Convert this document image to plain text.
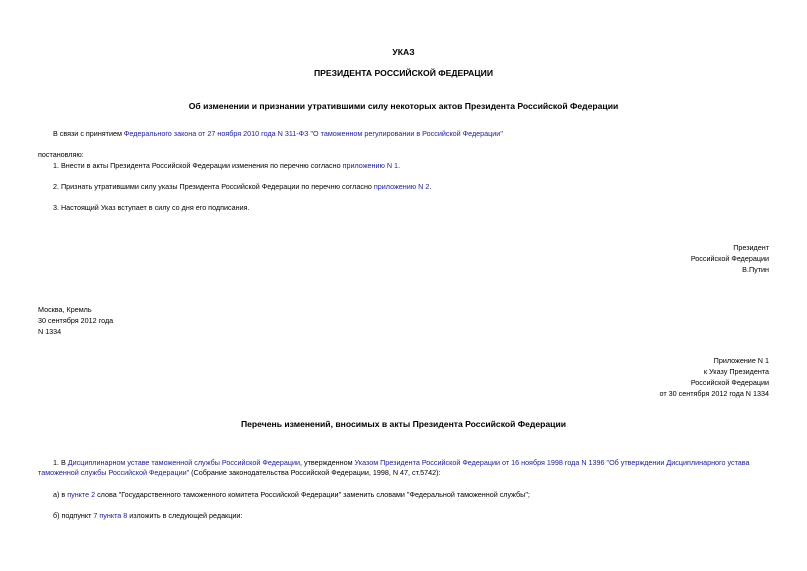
УКАЗ
ПРЕЗИДЕНТА РОССИЙСКОЙ ФЕДЕРАЦИИ
Об изменении и признании утратившими силу некоторых актов Президента Российской Федерации
В связи с принятием Федерального закона от 27 ноября 2010 года N 311-ФЗ "О таможенном регулировании в Российской Федерации"
постановляю:
1. Внести в акты Президента Российской Федерации изменения по перечню согласно приложению N 1.
2. Признать утратившими силу указы Президента Российской Федерации по перечню согласно приложению N 2.
3. Настоящий Указ вступает в силу со дня его подписания.
Президент
Российской Федерации
В.Путин
Москва, Кремль
30 сентября 2012 года
N 1334
Приложение N 1
к Указу Президента
Российской Федерации
от 30 сентября 2012 года N 1334
Перечень изменений, вносимых в акты Президента Российской Федерации
1. В Дисциплинарном уставе таможенной службы Российской Федерации, утвержденном Указом Президента Российской Федерации от 16 ноября 1998 года N 1396 "Об утверждении Дисциплинарного устава
таможенной службы Российской Федерации" (Собрание законодательства Российской Федерации, 1998, N 47, ст.5742):
а) в пункте 2 слова "Государственного таможенного комитета Российской Федерации" заменить словами "Федеральной таможенной службы";
б) подпункт 7 пункта 8 изложить в следующей редакции:
